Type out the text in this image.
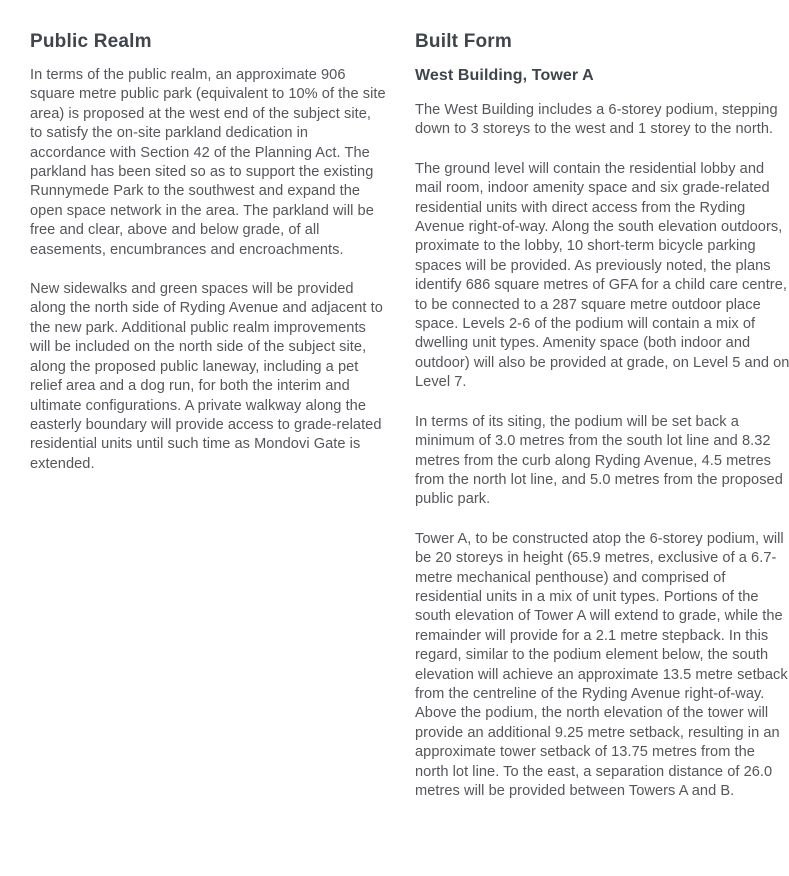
Public Realm

In terms of the public realm, an approximate 906 square metre public park (equivalent to 10% of the site area) is proposed at the west end of the subject site, to satisfy the on-site parkland dedication in accordance with Section 42 of the Planning Act. The parkland has been sited so as to support the existing Runnymede Park to the southwest and expand the open space network in the area. The parkland will be free and clear, above and below grade, of all easements, encumbrances and encroachments.

New sidewalks and green spaces will be provided along the north side of Ryding Avenue and adjacent to the new park. Additional public realm improvements will be included on the north side of the subject site, along the proposed public laneway, including a pet relief area and a dog run, for both the interim and ultimate configurations. A private walkway along the easterly boundary will provide access to grade-related residential units until such time as Mondovi Gate is extended.

Built Form
West Building, Tower A

The West Building includes a 6-storey podium, stepping down to 3 storeys to the west and 1 storey to the north.

The ground level will contain the residential lobby and mail room, indoor amenity space and six grade-related residential units with direct access from the Ryding Avenue right-of-way. Along the south elevation outdoors, proximate to the lobby, 10 short-term bicycle parking spaces will be provided. As previously noted, the plans identify 686 square metres of GFA for a child care centre, to be connected to a 287 square metre outdoor place space. Levels 2-6 of the podium will contain a mix of dwelling unit types. Amenity space (both indoor and outdoor) will also be provided at grade, on Level 5 and on Level 7.

In terms of its siting, the podium will be set back a minimum of 3.0 metres from the south lot line and 8.32 metres from the curb along Ryding Avenue, 4.5 metres from the north lot line, and 5.0 metres from the proposed public park.

Tower A, to be constructed atop the 6-storey podium, will be 20 storeys in height (65.9 metres, exclusive of a 6.7-metre mechanical penthouse) and comprised of residential units in a mix of unit types. Portions of the south elevation of Tower A will extend to grade, while the remainder will provide for a 2.1 metre stepback. In this regard, similar to the podium element below, the south elevation will achieve an approximate 13.5 metre setback from the centreline of the Ryding Avenue right-of-way. Above the podium, the north elevation of the tower will provide an additional 9.25 metre setback, resulting in an approximate tower setback of 13.75 metres from the north lot line. To the east, a separation distance of 26.0 metres will be provided between Towers A and B.
